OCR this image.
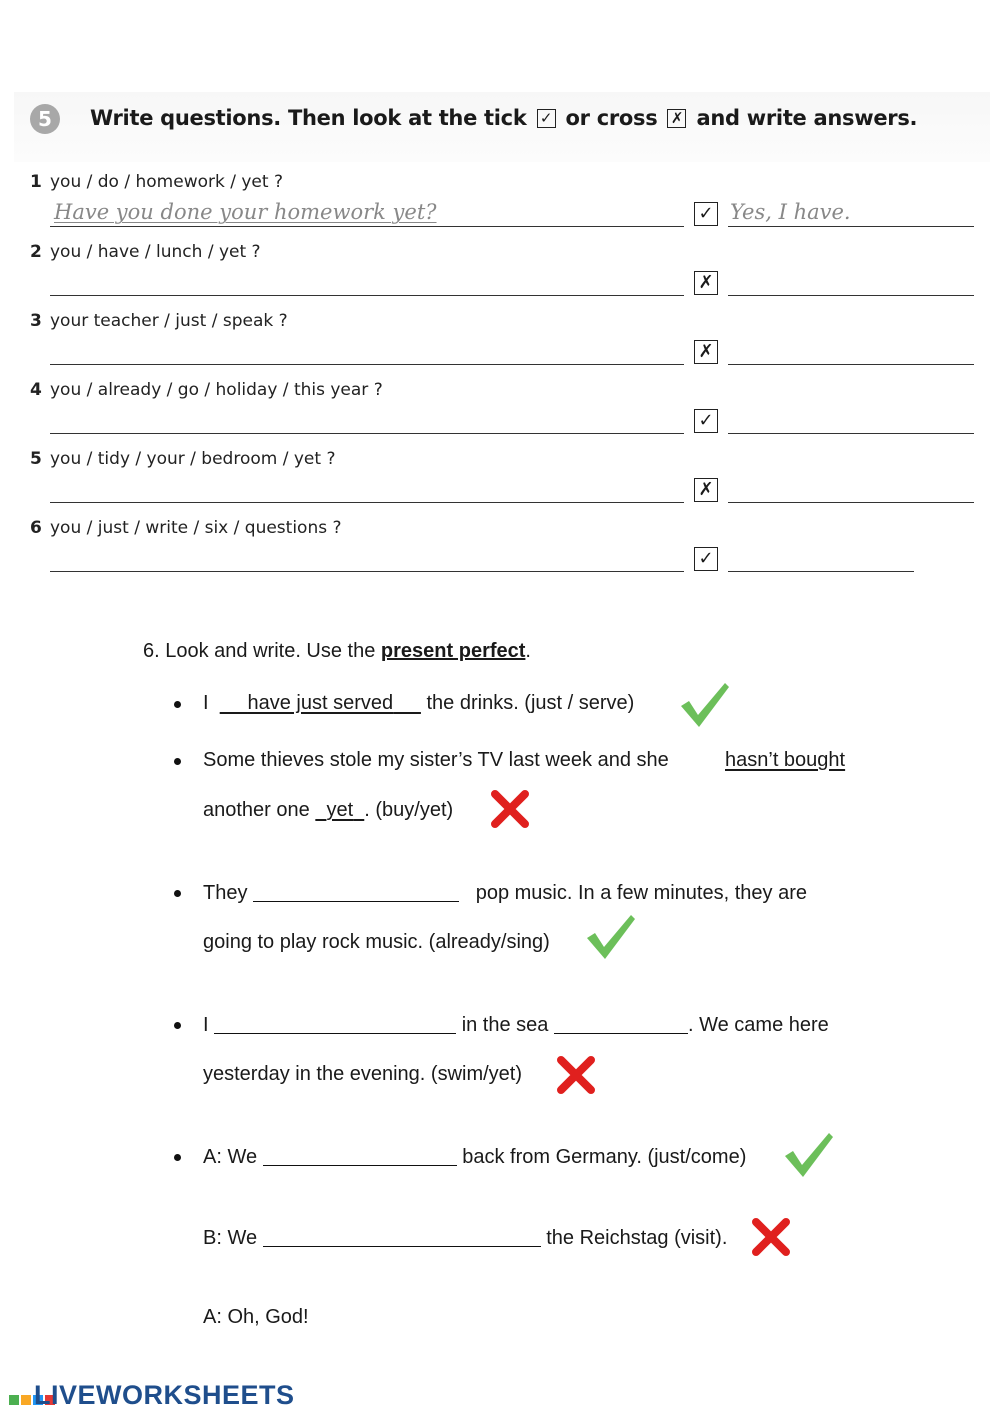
5	Write questions. Then look at the tick ✓ or cross ✗ and write answers.
1 you / do / homework / yet ?
Have you done your homework yet?	✓ Yes, I have.
2 you / have / lunch / yet ?
✗
3 your teacher / just / speak ?
✗
4 you / already / go / holiday / this year ?
✓
5 you / tidy / your / bedroom / yet ?
✗
6 you / just / write / six / questions ?
✓
6. Look and write. Use the present perfect.
I have just served the drinks. (just / serve)
Some thieves stole my sister’s TV last week and she	hasn’t bought
another one yet . (buy/yet)
They	pop music. In a few minutes, they are
going to play rock music. (already/sing)
I	in the sea	. We came here
yesterday in the evening. (swim/yet)
A: We	back from Germany. (just/come)
B: We	the Reichstag (visit).
A: Oh, God!
LIVEWORKSHEETS
